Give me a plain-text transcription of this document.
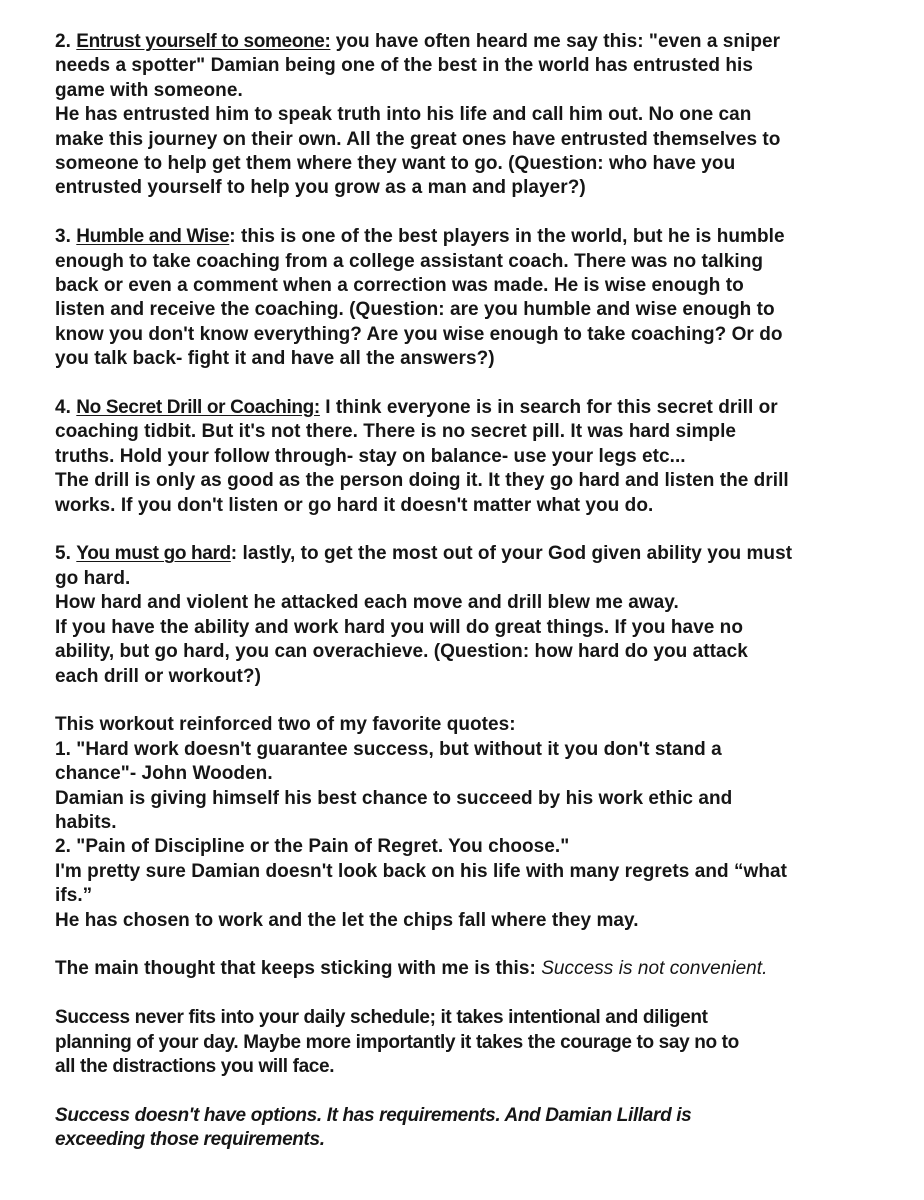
2. Entrust yourself to someone: you have often heard me say this: "even a sniper
needs a spotter" Damian being one of the best in the world has entrusted his
game with someone.
He has entrusted him to speak truth into his life and call him out. No one can
make this journey on their own. All the great ones have entrusted themselves to
someone to help get them where they want to go. (Question: who have you
entrusted yourself to help you grow as a man and player?)
3. Humble and Wise: this is one of the best players in the world, but he is humble
enough to take coaching from a college assistant coach. There was no talking
back or even a comment when a correction was made. He is wise enough to
listen and receive the coaching. (Question: are you humble and wise enough to
know you don't know everything? Are you wise enough to take coaching? Or do
you talk back- fight it and have all the answers?)
4. No Secret Drill or Coaching: I think everyone is in search for this secret drill or
coaching tidbit. But it's not there. There is no secret pill. It was hard simple
truths. Hold your follow through- stay on balance- use your legs etc...
The drill is only as good as the person doing it. It they go hard and listen the drill
works. If you don't listen or go hard it doesn't matter what you do.
5. You must go hard: lastly, to get the most out of your God given ability you must
go hard.
How hard and violent he attacked each move and drill blew me away.
If you have the ability and work hard you will do great things. If you have no
ability, but go hard, you can overachieve. (Question: how hard do you attack
each drill or workout?)
This workout reinforced two of my favorite quotes:
1. "Hard work doesn't guarantee success, but without it you don't stand a
chance"- John Wooden.
Damian is giving himself his best chance to succeed by his work ethic and
habits.
2. "Pain of Discipline or the Pain of Regret. You choose."
I'm pretty sure Damian doesn't look back on his life with many regrets and “what
ifs.”
He has chosen to work and the let the chips fall where they may.
The main thought that keeps sticking with me is this: Success is not convenient.
Success never fits into your daily schedule; it takes intentional and diligent
planning of your day. Maybe more importantly it takes the courage to say no to
all the distractions you will face.
Success doesn't have options. It has requirements. And Damian Lillard is
exceeding those requirements.
